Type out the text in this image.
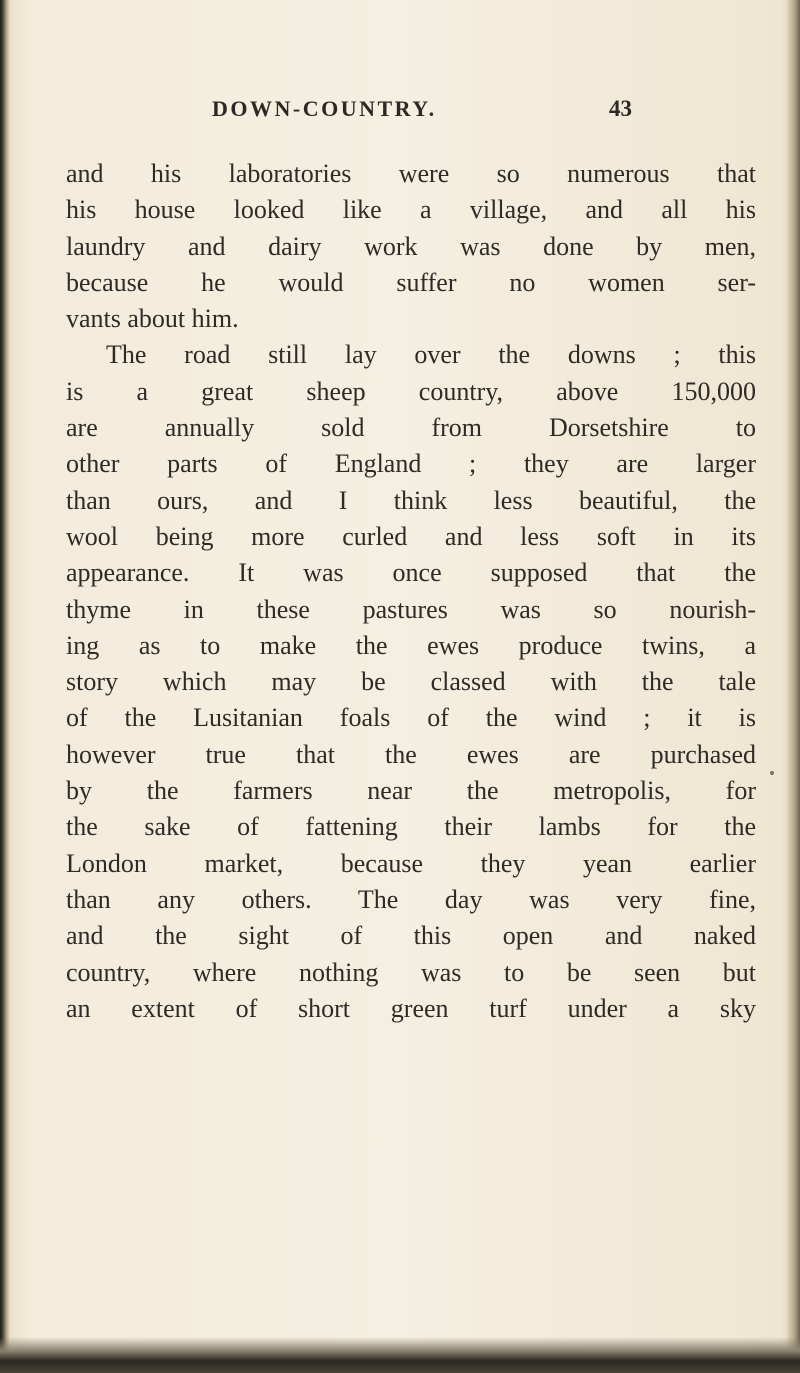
DOWN-COUNTRY.	43
and his laboratories were so numerous that
his house looked like a village, and all his
laundry and dairy work was done by men,
because he would suffer no women ser-
vants about him.
The road still lay over the downs ; this
is a great sheep country, above 150,000
are annually sold from Dorsetshire to
other parts of England ; they are larger
than ours, and I think less beautiful, the
wool being more curled and less soft in its
appearance. It was once supposed that the
thyme in these pastures was so nourish-
ing as to make the ewes produce twins, a
story which may be classed with the tale
of the Lusitanian foals of the wind ; it is
however true that the ewes are purchased
by the farmers near the metropolis, for
the sake of fattening their lambs for the
London market, because they yean earlier
than any others. The day was very fine,
and the sight of this open and naked
country, where nothing was to be seen but
an extent of short green turf under a sky
